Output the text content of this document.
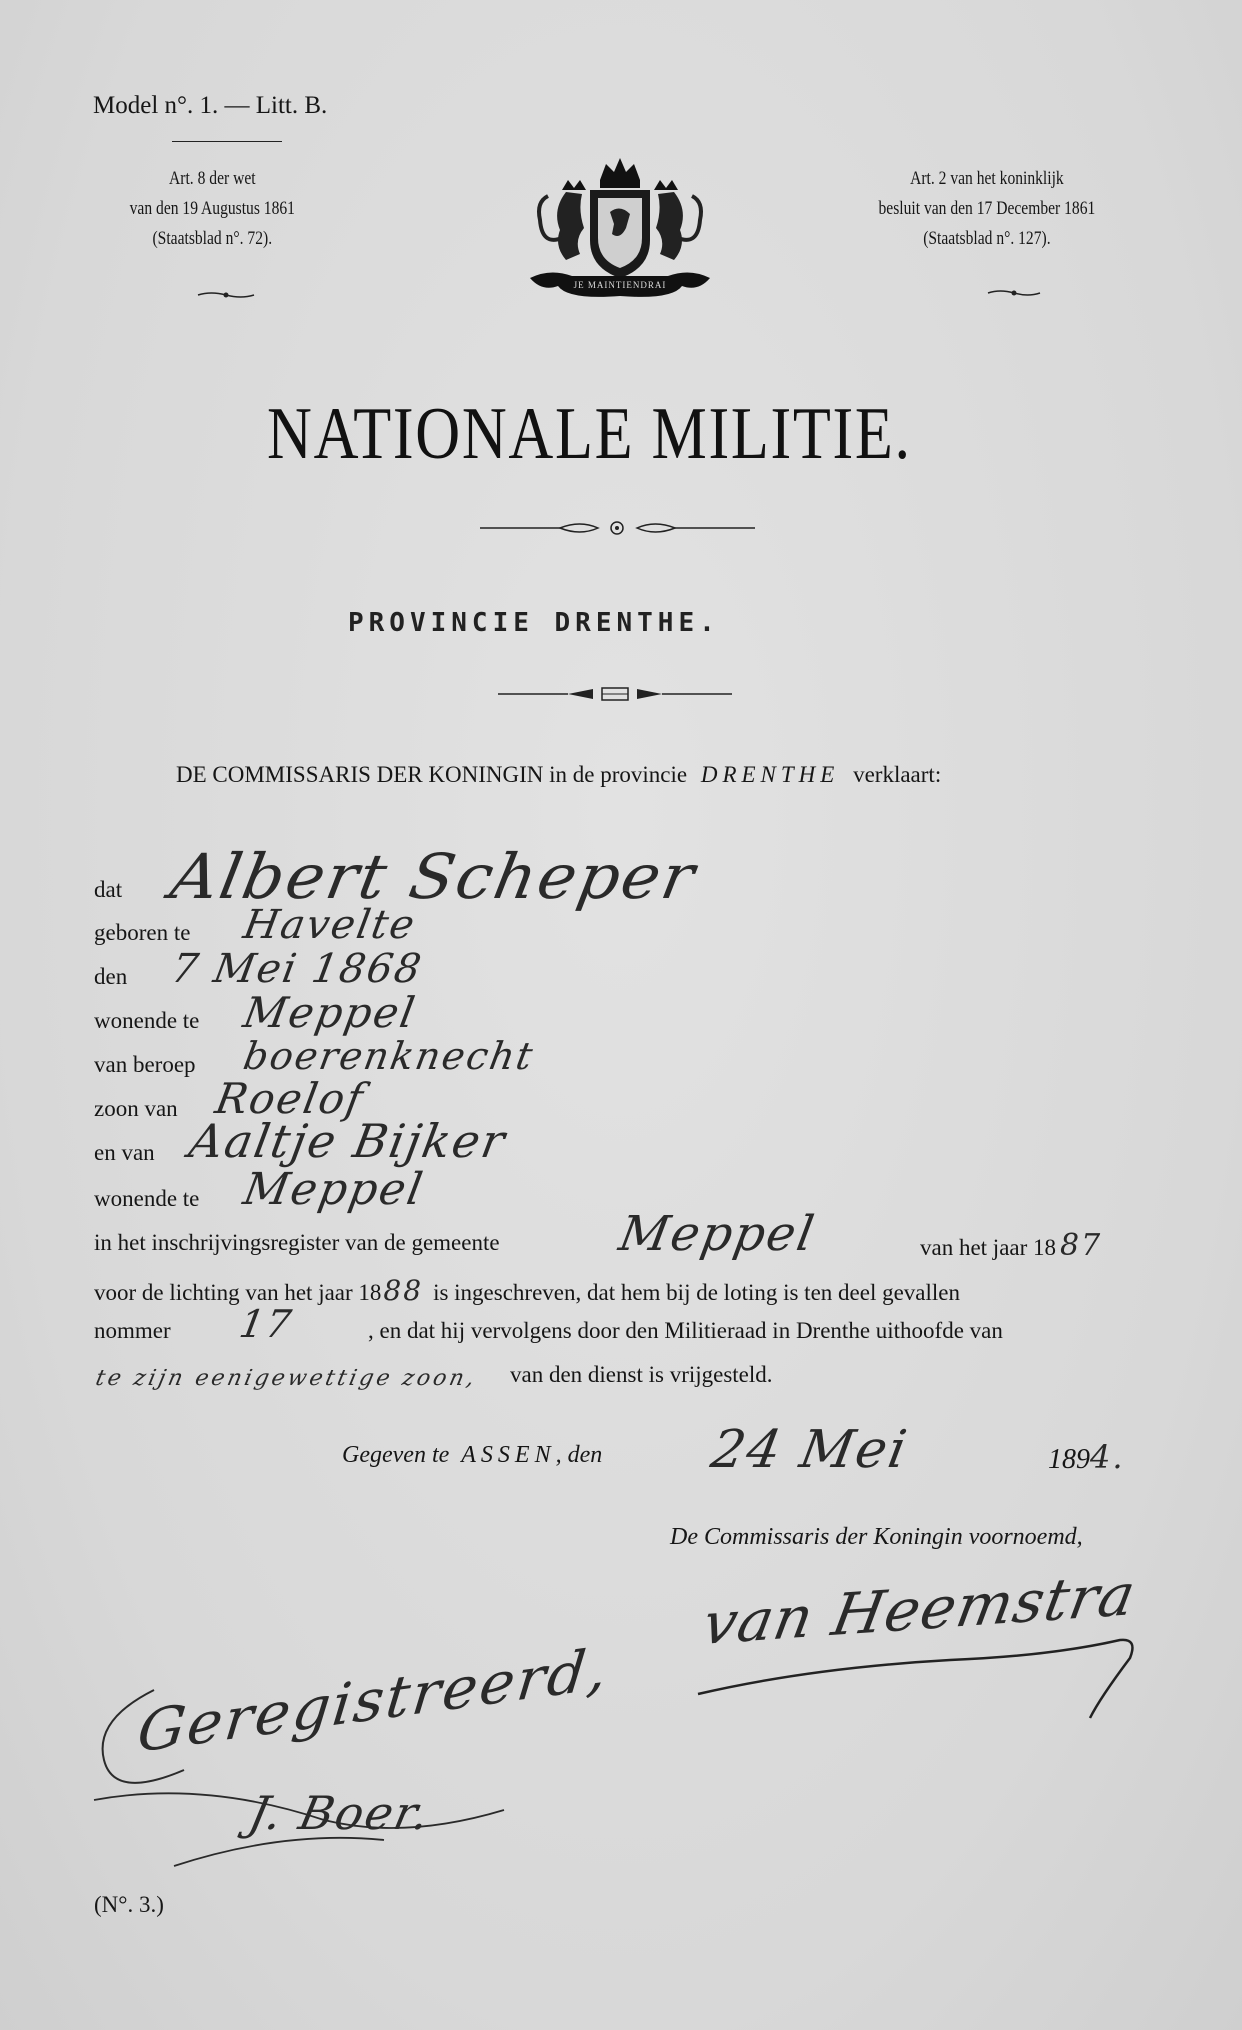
Model n°. 1. — Litt. B.
Art. 8 der wet
van den 19 Augustus 1861
(Staatsblad n°. 72).
Art. 2 van het koninklijk
besluit van den 17 December 1861
(Staatsblad n°. 127).
JE MAINTIENDRAI
NATIONALE MILITIE.
PROVINCIE DRENTHE.
DE COMMISSARIS DER KONINGIN in de provincie DRENTHE verklaart:
dat Albert Scheper
geboren te Havelte
den 7 Mei 1868
wonende te Meppel
van beroep boerenknecht
zoon van Roelof
en van Aaltje Bijker
wonende te Meppel
in het inschrijvingsregister van de gemeente Meppel	van het jaar 18 87
voor de lichting van het jaar 1888 is ingeschreven, dat hem bij de loting is ten deel gevallen
nommer 17	, en dat hij vervolgens door den Militieraad in Drenthe uithoofde van
te zijn eenigewettige zoon, van den dienst is vrijgesteld.
Gegeven te ASSEN, den 24 Mei	1894.
De Commissaris der Koningin voornoemd,
van Heemstra
Geregistreerd,
J. Boer.
(N°. 3.)
